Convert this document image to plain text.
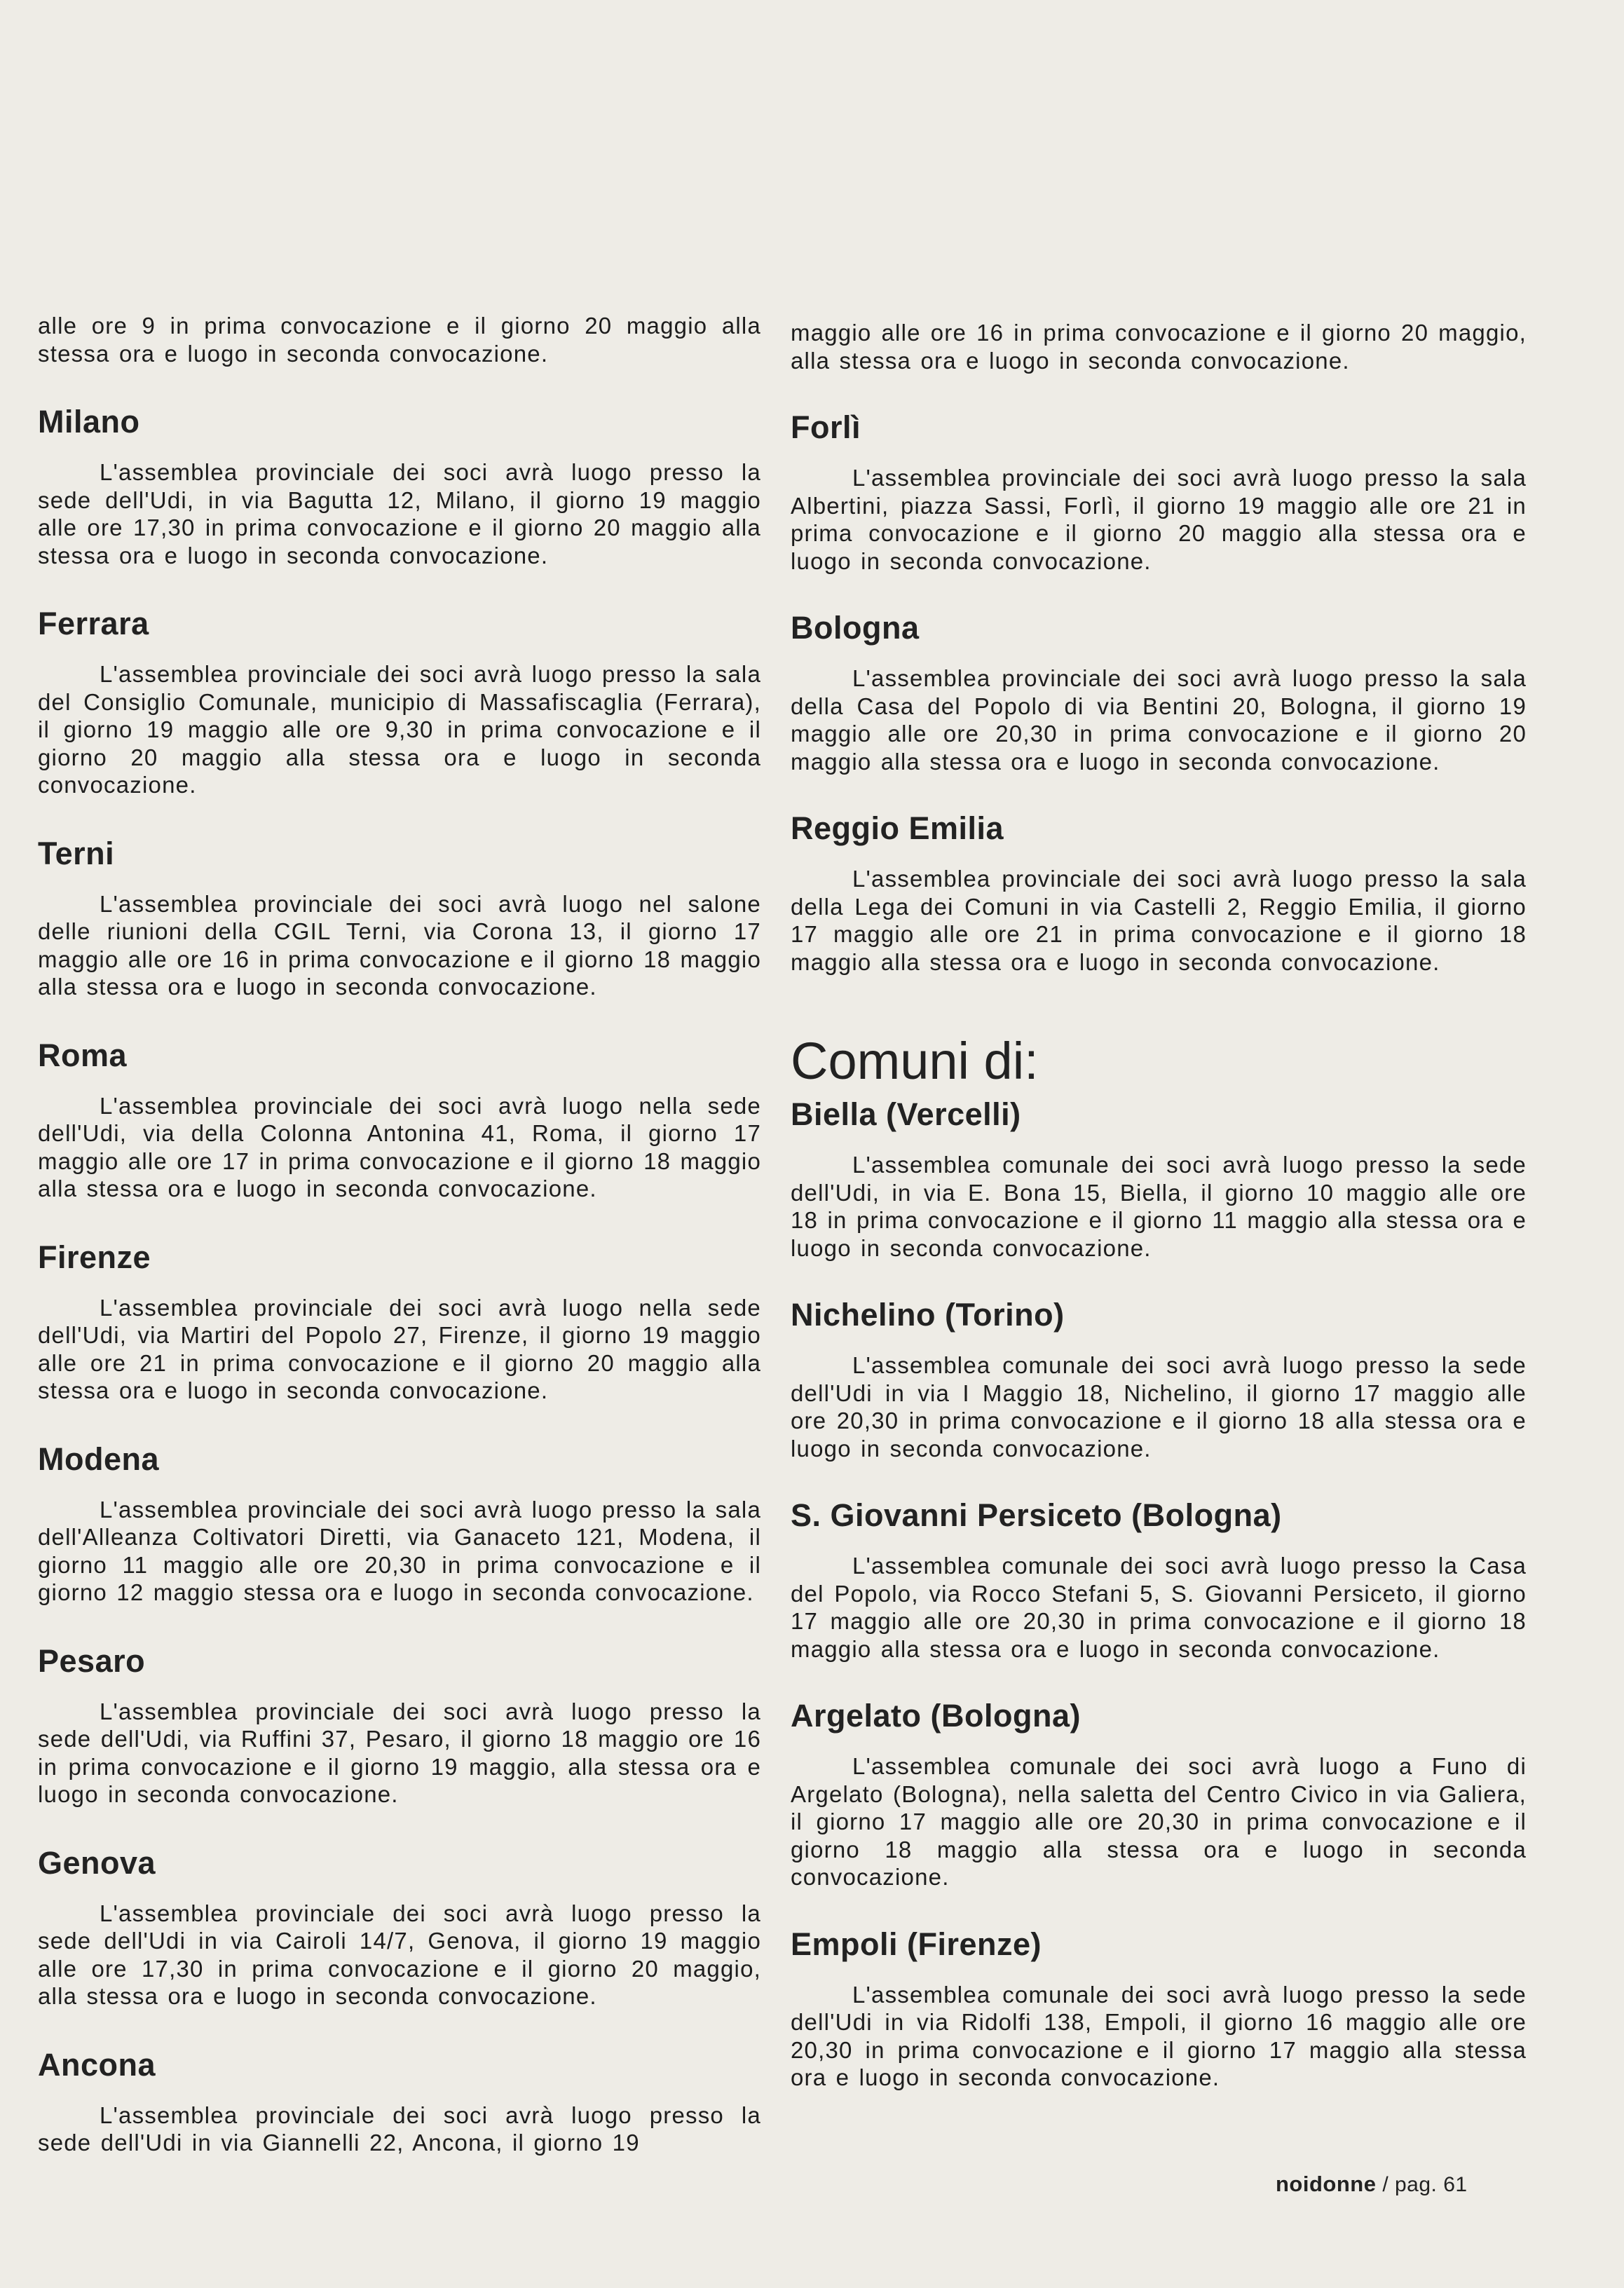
alle ore 9 in prima convocazione e il giorno 20 maggio alla stessa ora e luogo in seconda convocazione.

Milano

L'assemblea provinciale dei soci avrà luogo presso la sede dell'Udi, in via Bagutta 12, Milano, il giorno 19 maggio alle ore 17,30 in prima convocazione e il giorno 20 maggio alla stessa ora e luogo in seconda convocazione.

Ferrara

L'assemblea provinciale dei soci avrà luogo presso la sala del Consiglio Comunale, municipio di Massafiscaglia (Ferrara), il giorno 19 maggio alle ore 9,30 in prima convocazione e il giorno 20 maggio alla stessa ora e luogo in seconda convocazione.

Terni

L'assemblea provinciale dei soci avrà luogo nel salone delle riunioni della CGIL Terni, via Corona 13, il giorno 17 maggio alle ore 16 in prima convocazione e il giorno 18 maggio alla stessa ora e luogo in seconda convocazione.

Roma

L'assemblea provinciale dei soci avrà luogo nella sede dell'Udi, via della Colonna Antonina 41, Roma, il giorno 17 maggio alle ore 17 in prima convocazione e il giorno 18 maggio alla stessa ora e luogo in seconda convocazione.

Firenze

L'assemblea provinciale dei soci avrà luogo nella sede dell'Udi, via Martiri del Popolo 27, Firenze, il giorno 19 maggio alle ore 21 in prima convocazione e il giorno 20 maggio alla stessa ora e luogo in seconda convocazione.

Modena

L'assemblea provinciale dei soci avrà luogo presso la sala dell'Alleanza Coltivatori Diretti, via Ganaceto 121, Modena, il giorno 11 maggio alle ore 20,30 in prima convocazione e il giorno 12 maggio stessa ora e luogo in seconda convocazione.

Pesaro

L'assemblea provinciale dei soci avrà luogo presso la sede dell'Udi, via Ruffini 37, Pesaro, il giorno 18 maggio ore 16 in prima convocazione e il giorno 19 maggio, alla stessa ora e luogo in seconda convocazione.

Genova

L'assemblea provinciale dei soci avrà luogo presso la sede dell'Udi in via Cairoli 14/7, Genova, il giorno 19 maggio alle ore 17,30 in prima convocazione e il giorno 20 maggio, alla stessa ora e luogo in seconda convocazione.

Ancona

L'assemblea provinciale dei soci avrà luogo presso la sede dell'Udi in via Giannelli 22, Ancona, il giorno 19

maggio alle ore 16 in prima convocazione e il giorno 20 maggio, alla stessa ora e luogo in seconda convocazione.

Forlì

L'assemblea provinciale dei soci avrà luogo presso la sala Albertini, piazza Sassi, Forlì, il giorno 19 maggio alle ore 21 in prima convocazione e il giorno 20 maggio alla stessa ora e luogo in seconda convocazione.

Bologna

L'assemblea provinciale dei soci avrà luogo presso la sala della Casa del Popolo di via Bentini 20, Bologna, il giorno 19 maggio alle ore 20,30 in prima convocazione e il giorno 20 maggio alla stessa ora e luogo in seconda convocazione.

Reggio Emilia

L'assemblea provinciale dei soci avrà luogo presso la sala della Lega dei Comuni in via Castelli 2, Reggio Emilia, il giorno 17 maggio alle ore 21 in prima convocazione e il giorno 18 maggio alla stessa ora e luogo in seconda convocazione.

Comuni di:
Biella (Vercelli)

L'assemblea comunale dei soci avrà luogo presso la sede dell'Udi, in via E. Bona 15, Biella, il giorno 10 maggio alle ore 18 in prima convocazione e il giorno 11 maggio alla stessa ora e luogo in seconda convocazione.

Nichelino (Torino)

L'assemblea comunale dei soci avrà luogo presso la sede dell'Udi in via I Maggio 18, Nichelino, il giorno 17 maggio alle ore 20,30 in prima convocazione e il giorno 18 alla stessa ora e luogo in seconda convocazione.

S. Giovanni Persiceto (Bologna)

L'assemblea comunale dei soci avrà luogo presso la Casa del Popolo, via Rocco Stefani 5, S. Giovanni Persiceto, il giorno 17 maggio alle ore 20,30 in prima convocazione e il giorno 18 maggio alla stessa ora e luogo in seconda convocazione.

Argelato (Bologna)

L'assemblea comunale dei soci avrà luogo a Funo di Argelato (Bologna), nella saletta del Centro Civico in via Galiera, il giorno 17 maggio alle ore 20,30 in prima convocazione e il giorno 18 maggio alla stessa ora e luogo in seconda convocazione.

Empoli (Firenze)

L'assemblea comunale dei soci avrà luogo presso la sede dell'Udi in via Ridolfi 138, Empoli, il giorno 16 maggio alle ore 20,30 in prima convocazione e il giorno 17 maggio alla stessa ora e luogo in seconda convocazione.

noidonne / pag. 61
